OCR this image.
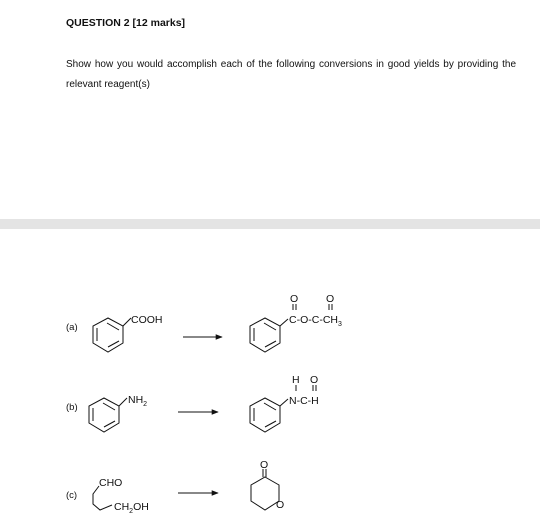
QUESTION 2 [12 marks]
Show how you would accomplish each of the following conversions in good yields by providing the relevant reagent(s)
(a)
(b)
(c)
COOH
O	O
$C-O-C-CH_3$
$NH_2$
H O
N-C-H
CHO
$CH_2OH$
O
O
